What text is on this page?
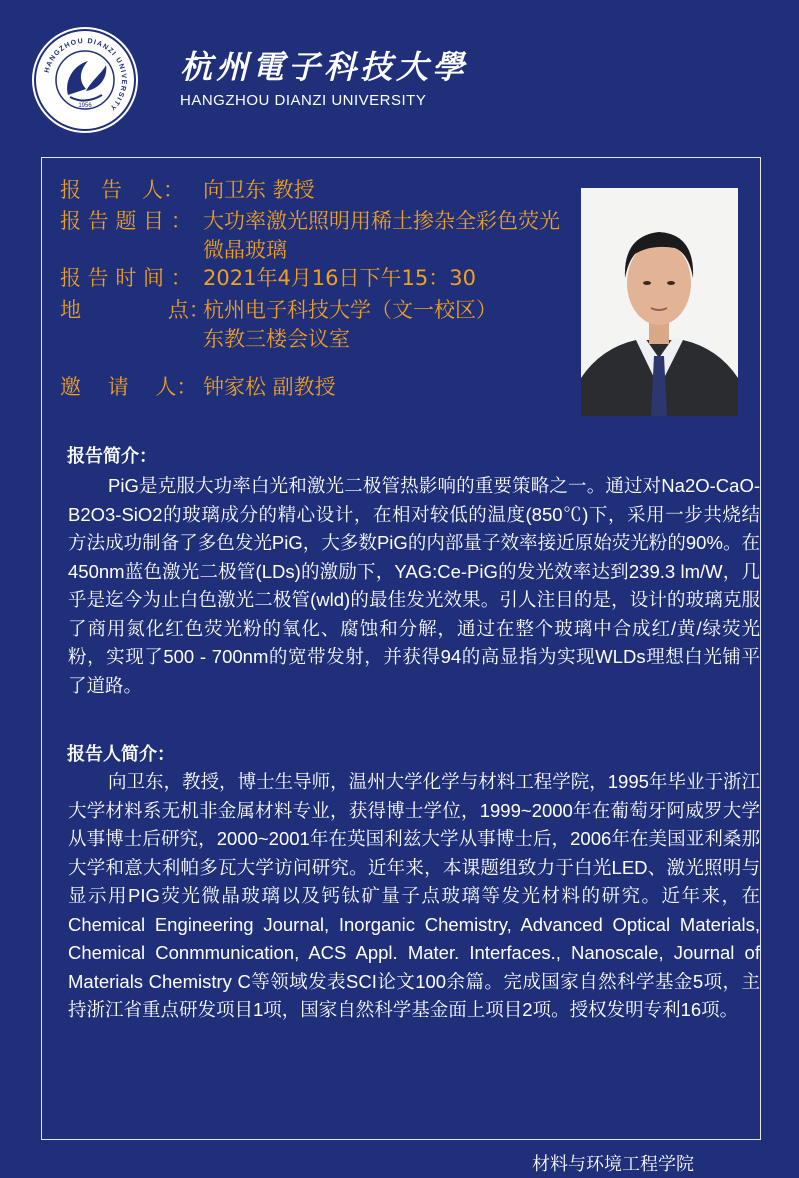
HANGZHOU DIANZI UNIVERSITY
1956
杭州電子科技大學
HANGZHOU DIANZI UNIVERSITY
报   告   人： 向卫东 教授
报 告 题 目 ： 大功率激光照明用稀土掺杂全彩色荧光微晶玻璃
报 告 时 间 ： 2021年4月16日下午15：30
地             点：
杭州电子科技大学（文一校区）东教三楼会议室
邀    请    人： 钟家松 副教授
报告简介：

PiG是克服大功率白光和激光二极管热影响的重要策略之一。通过对Na2O-CaO-B2O3-SiO2的玻璃成分的精心设计，在相对较低的温度(850℃)下，采用一步共烧结方法成功制备了多色发光PiG，大多数PiG的内部量子效率接近原始荧光粉的90%。在450nm蓝色激光二极管(LDs)的激励下，YAG:Ce-PiG的发光效率达到239.3 lm/W，几乎是迄今为止白色激光二极管(wld)的最佳发光效果。引人注目的是，设计的玻璃克服了商用氮化红色荧光粉的氧化、腐蚀和分解，通过在整个玻璃中合成红/黄/绿荧光粉，实现了500 - 700nm的宽带发射，并获得94的高显指为实现WLDs理想白光铺平了道路。

报告人简介：

向卫东，教授，博士生导师，温州大学化学与材料工程学院，1995年毕业于浙江大学材料系无机非金属材料专业，获得博士学位，1999~2000年在葡萄牙阿威罗大学从事博士后研究，2000~2001年在英国利兹大学从事博士后，2006年在美国亚利桑那大学和意大利帕多瓦大学访问研究。近年来，本课题组致力于白光LED、激光照明与显示用PIG荧光微晶玻璃以及钙钛矿量子点玻璃等发光材料的研究。近年来，在Chemical Engineering Journal, Inorganic Chemistry, Advanced Optical Materials, Chemical Conmmunication, ACS Appl. Mater. Interfaces., Nanoscale, Journal of Materials Chemistry C等领域发表SCI论文100余篇。完成国家自然科学基金5项，主持浙江省重点研发项目1项，国家自然科学基金面上项目2项。授权发明专利16项。

材料与环境工程学院
